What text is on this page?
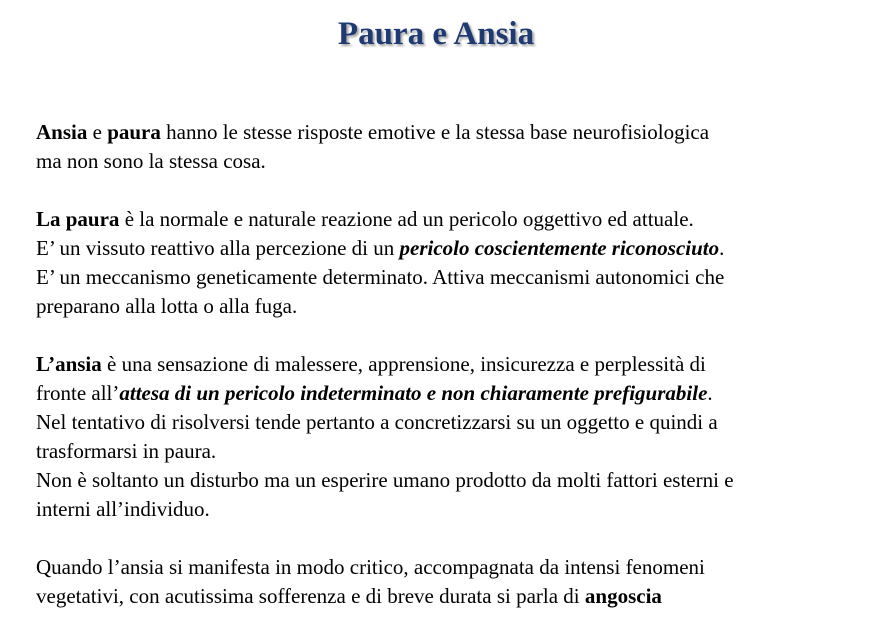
Paura e Ansia
Ansia e paura hanno le stesse risposte emotive e la stessa base neurofisiologica
ma non sono la stessa cosa.
La paura è la normale e naturale reazione ad un pericolo oggettivo ed attuale.
E’ un vissuto reattivo alla percezione di un pericolo coscientemente riconosciuto.
E’ un meccanismo geneticamente determinato. Attiva meccanismi autonomici che
preparano alla lotta o alla fuga.
L’ansia è una sensazione di malessere, apprensione, insicurezza e perplessità di
fronte all’attesa di un pericolo indeterminato e non chiaramente prefigurabile.
Nel tentativo di risolversi tende pertanto a concretizzarsi su un oggetto e quindi a
trasformarsi in paura.
Non è soltanto un disturbo ma un esperire umano prodotto da molti fattori esterni e
interni all’individuo.
Quando l’ansia si manifesta in modo critico, accompagnata da intensi fenomeni
vegetativi, con acutissima sofferenza e di breve durata si parla di angoscia
